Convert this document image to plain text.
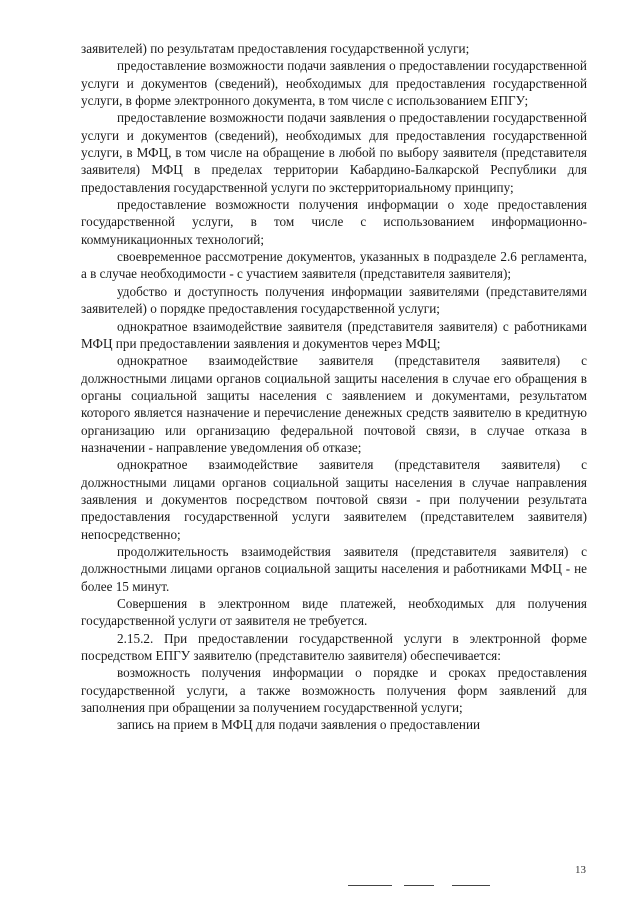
заявителей) по результатам предоставления государственной услуги;

предоставление возможности подачи заявления о предоставлении государственной услуги и документов (сведений), необходимых для предоставления государственной услуги, в форме электронного документа, в том числе с использованием ЕПГУ;

предоставление возможности подачи заявления о предоставлении государственной услуги и документов (сведений), необходимых для предоставления государственной услуги, в МФЦ, в том числе на обращение в любой по выбору заявителя (представителя заявителя) МФЦ в пределах территории Кабардино-Балкарской Республики для предоставления государственной услуги по экстерриториальному принципу;

предоставление возможности получения информации о ходе предоставления государственной услуги, в том числе с использованием информационно-коммуникационных технологий;

своевременное рассмотрение документов, указанных в подразделе 2.6 регламента, а в случае необходимости - с участием заявителя (представителя заявителя);

удобство и доступность получения информации заявителями (представителями заявителей) о порядке предоставления государственной услуги;

однократное взаимодействие заявителя (представителя заявителя) с работниками МФЦ при предоставлении заявления и документов через МФЦ;

однократное взаимодействие заявителя (представителя заявителя) с должностными лицами органов социальной защиты населения в случае его обращения в органы социальной защиты населения с заявлением и документами, результатом которого является назначение и перечисление денежных средств заявителю в кредитную организацию или организацию федеральной почтовой связи, в случае отказа в назначении - направление уведомления об отказе;

однократное взаимодействие заявителя (представителя заявителя) с должностными лицами органов социальной защиты населения в случае направления заявления и документов посредством почтовой связи - при получении результата предоставления государственной услуги заявителем (представителем заявителя) непосредственно;

продолжительность взаимодействия заявителя (представителя заявителя) с должностными лицами органов социальной защиты населения и работниками МФЦ - не более 15 минут.

Совершения в электронном виде платежей, необходимых для получения государственной услуги от заявителя не требуется.

2.15.2. При предоставлении государственной услуги в электронной форме посредством ЕПГУ заявителю (представителю заявителя) обеспечивается:

возможность получения информации о порядке и сроках предоставления государственной услуги, а также возможность получения форм заявлений для заполнения при обращении за получением государственной услуги;

запись на прием в МФЦ для подачи заявления о предоставлении

13
